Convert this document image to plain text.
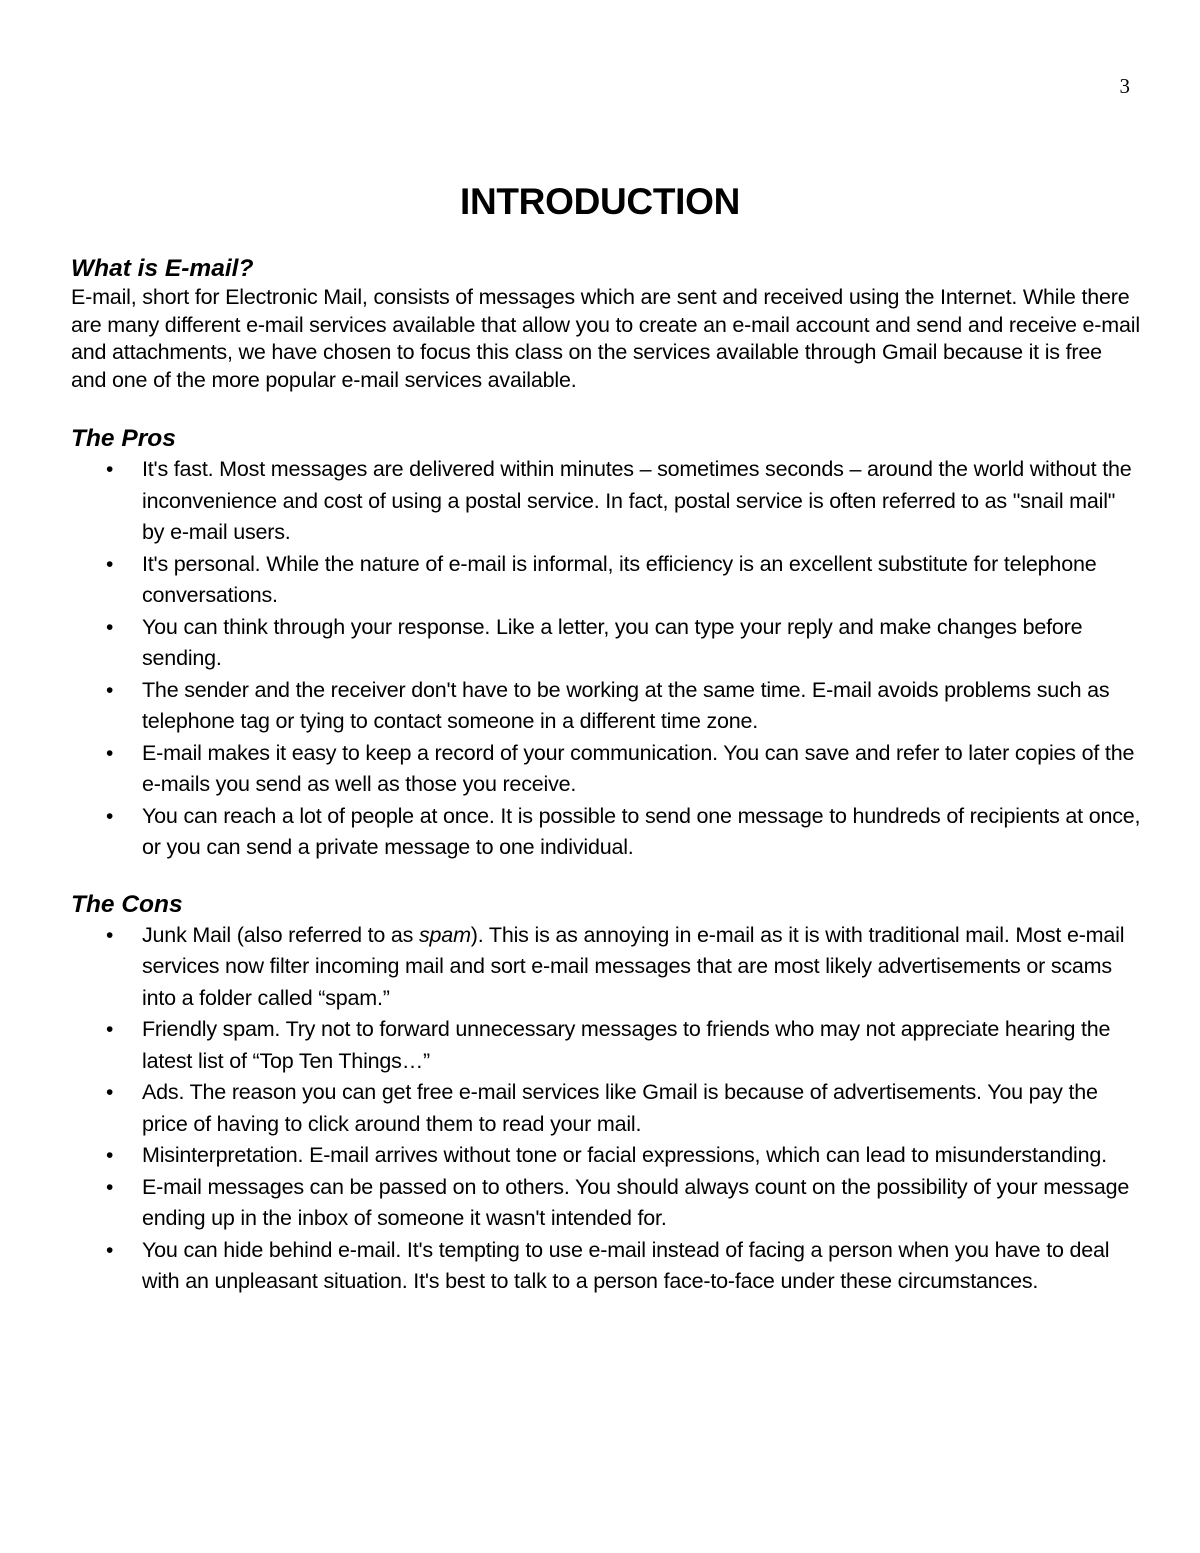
3
INTRODUCTION
What is E-mail?

E-mail, short for Electronic Mail, consists of messages which are sent and received using the Internet. While there are many different e-mail services available that allow you to create an e-mail account and send and receive e-mail and attachments, we have chosen to focus this class on the services available through Gmail because it is free and one of the more popular e-mail services available.

The Pros
• It's fast. Most messages are delivered within minutes – sometimes seconds – around the world without the inconvenience and cost of using a postal service. In fact, postal service is often referred to as "snail mail" by e-mail users.
• It's personal. While the nature of e-mail is informal, its efficiency is an excellent substitute for telephone conversations.
• You can think through your response. Like a letter, you can type your reply and make changes before sending.
• The sender and the receiver don't have to be working at the same time. E-mail avoids problems such as telephone tag or tying to contact someone in a different time zone.
• E-mail makes it easy to keep a record of your communication. You can save and refer to later copies of the e-mails you send as well as those you receive.
• You can reach a lot of people at once. It is possible to send one message to hundreds of recipients at once, or you can send a private message to one individual.
The Cons
• Junk Mail (also referred to as spam). This is as annoying in e-mail as it is with traditional mail. Most e-mail services now filter incoming mail and sort e-mail messages that are most likely advertisements or scams into a folder called “spam.”
• Friendly spam. Try not to forward unnecessary messages to friends who may not appreciate hearing the latest list of “Top Ten Things…”
• Ads. The reason you can get free e-mail services like Gmail is because of advertisements. You pay the price of having to click around them to read your mail.
• Misinterpretation. E-mail arrives without tone or facial expressions, which can lead to misunderstanding.
• E-mail messages can be passed on to others. You should always count on the possibility of your message ending up in the inbox of someone it wasn't intended for.
• You can hide behind e-mail. It's tempting to use e-mail instead of facing a person when you have to deal with an unpleasant situation. It's best to talk to a person face-to-face under these circumstances.
